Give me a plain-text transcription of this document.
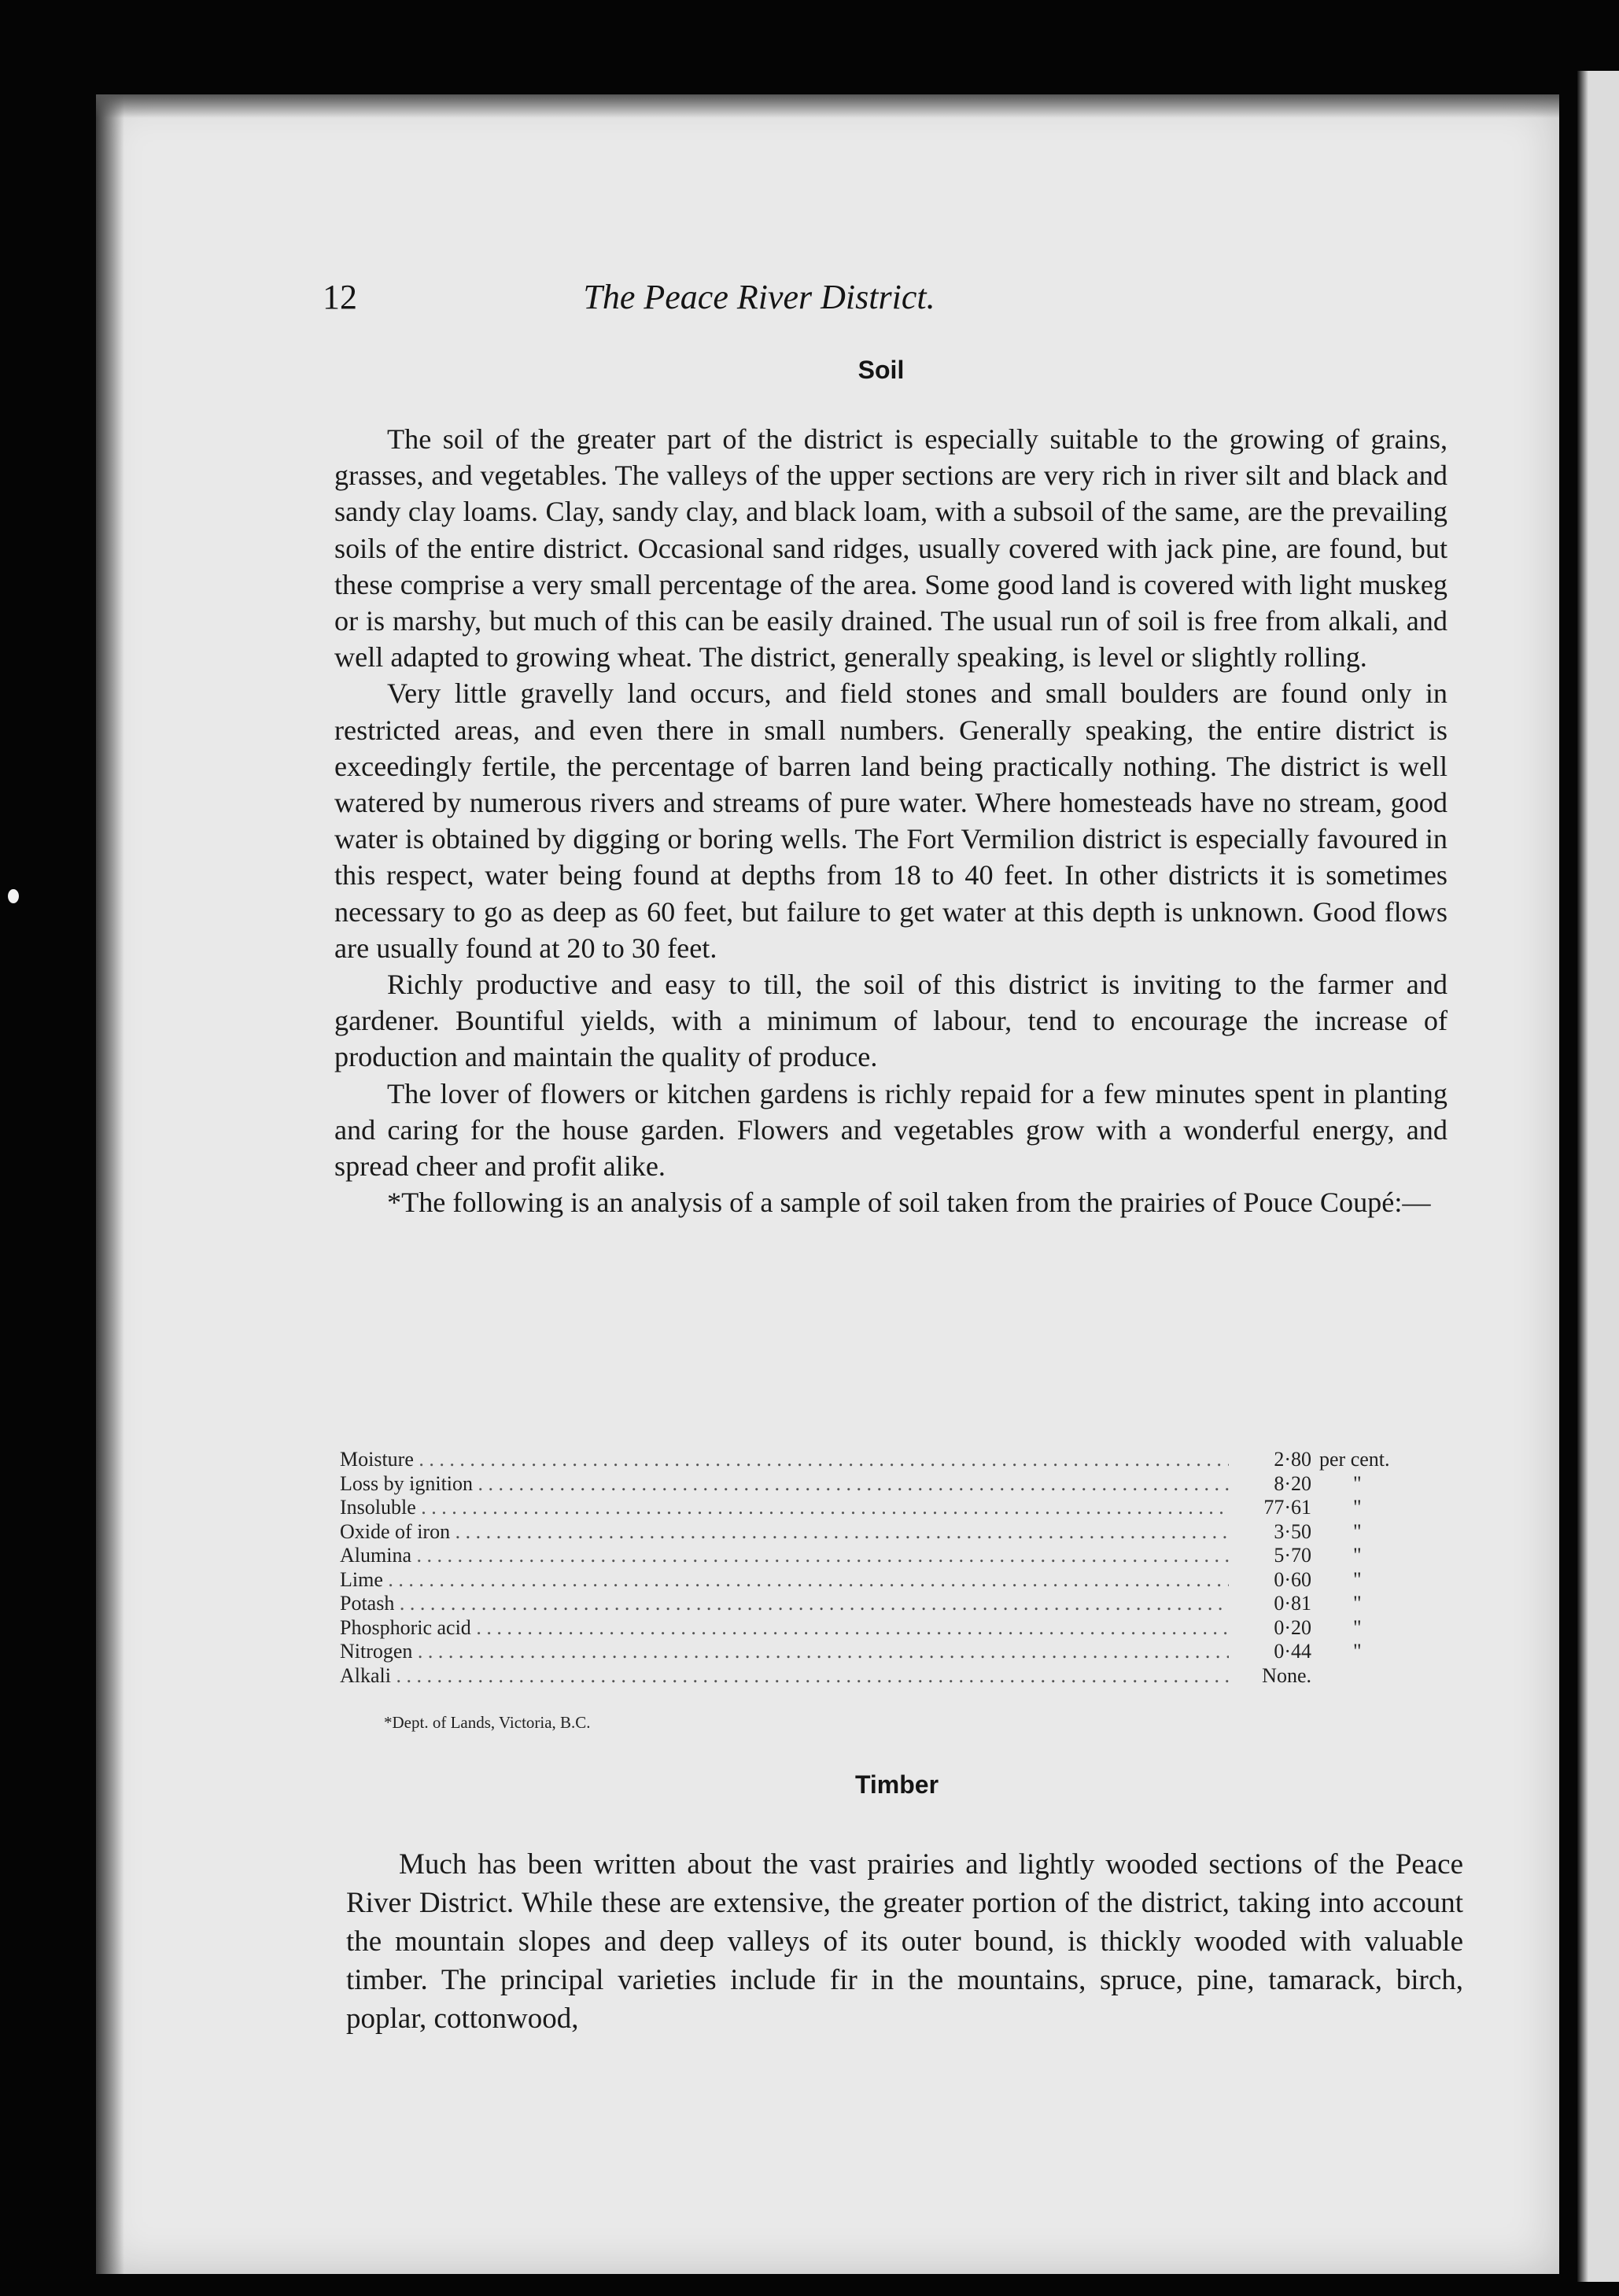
12	The Peace River District.
Soil

The soil of the greater part of the district is especially suitable to the growing of grains, grasses, and vegetables. The valleys of the upper sections are very rich in river silt and black and sandy clay loams. Clay, sandy clay, and black loam, with a subsoil of the same, are the prevailing soils of the entire district. Occasional sand ridges, usually covered with jack pine, are found, but these comprise a very small percentage of the area. Some good land is covered with light muskeg or is marshy, but much of this can be easily drained. The usual run of soil is free from alkali, and well adapted to growing wheat. The district, generally speaking, is level or slightly rolling.

Very little gravelly land occurs, and field stones and small boulders are found only in restricted areas, and even there in small numbers. Generally speaking, the entire district is exceedingly fertile, the percentage of barren land being practically nothing. The district is well watered by numerous rivers and streams of pure water. Where homesteads have no stream, good water is obtained by digging or boring wells. The Fort Vermilion district is especially favoured in this respect, water being found at depths from 18 to 40 feet. In other districts it is sometimes necessary to go as deep as 60 feet, but failure to get water at this depth is unknown. Good flows are usually found at 20 to 30 feet.

Richly productive and easy to till, the soil of this district is inviting to the farmer and gardener. Bountiful yields, with a minimum of labour, tend to encourage the increase of production and maintain the quality of produce.

The lover of flowers or kitchen gardens is richly repaid for a few minutes spent in planting and caring for the house garden. Flowers and vegetables grow with a wonderful energy, and spread cheer and profit alike.

*The following is an analysis of a sample of soil taken from the prairies of Pouce Coupé:—

Moisture . . .	2·80 per cent.
Loss by ignition . . .	8·20 "
Insoluble . . .	77·61 "
Oxide of iron . . .	3·50 "
Alumina . . .	5·70 "
Lime . . .	0·60 "
Potash . . .	0·81 "
Phosphoric acid . . .	0·20 "
Nitrogen . . .	0·44 "
Alkali . . .	None.
*Dept. of Lands, Victoria, B.C.
Timber

Much has been written about the vast prairies and lightly wooded sections of the Peace River District. While these are extensive, the greater portion of the district, taking into account the mountain slopes and deep valleys of its outer bound, is thickly wooded with valuable timber. The principal varieties include fir in the mountains, spruce, pine, tamarack, birch, poplar, cottonwood,
